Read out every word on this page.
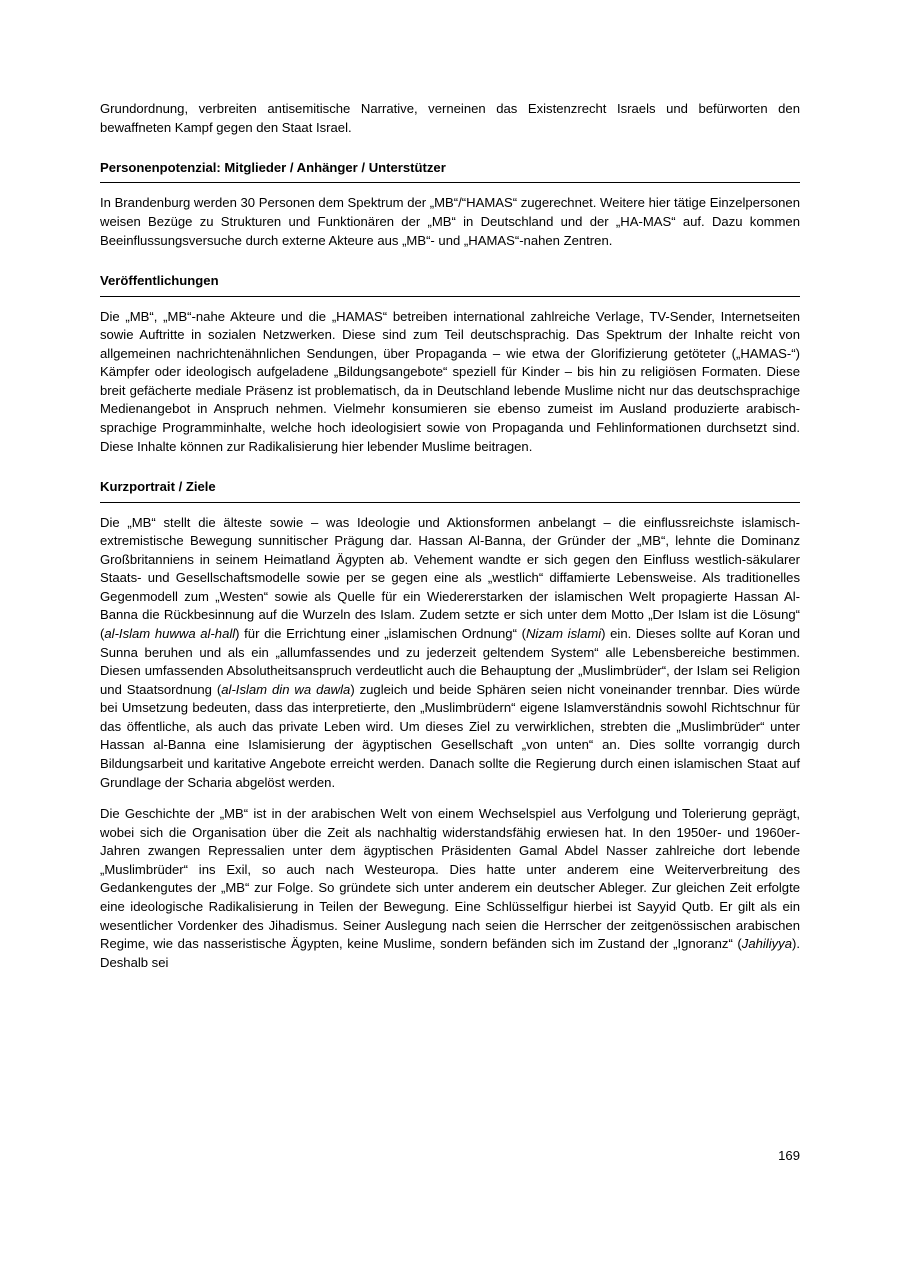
Grundordnung, verbreiten antisemitische Narrative, verneinen das Existenzrecht Israels und befürworten den bewaffneten Kampf gegen den Staat Israel.

Personenpotenzial: Mitglieder / Anhänger / Unterstützer

In Brandenburg werden 30 Personen dem Spektrum der „MB“/“HAMAS“ zugerechnet. Weitere hier tätige Einzelpersonen weisen Bezüge zu Strukturen und Funktionären der „MB“ in Deutschland und der „HA-MAS“ auf. Dazu kommen Beeinflussungsversuche durch externe Akteure aus „MB“- und „HAMAS“-nahen Zentren.

Veröffentlichungen

Die „MB“, „MB“-nahe Akteure und die „HAMAS“ betreiben international zahlreiche Verlage, TV-Sender, Internetseiten sowie Auftritte in sozialen Netzwerken. Diese sind zum Teil deutschsprachig. Das Spektrum der Inhalte reicht von allgemeinen nachrichtenähnlichen Sendungen, über Propaganda – wie etwa der Glorifizierung getöteter („HAMAS-“) Kämpfer oder ideologisch aufgeladene „Bildungsangebote“ speziell für Kinder – bis hin zu religiösen Formaten. Diese breit gefächerte mediale Präsenz ist problematisch, da in Deutschland lebende Muslime nicht nur das deutschsprachige Medienangebot in Anspruch nehmen. Vielmehr konsumieren sie ebenso zumeist im Ausland produzierte arabisch-sprachige Programminhalte, welche hoch ideologisiert sowie von Propaganda und Fehlinformationen durchsetzt sind. Diese Inhalte können zur Radikalisierung hier lebender Muslime beitragen.

Kurzportrait / Ziele

Die „MB“ stellt die älteste sowie – was Ideologie und Aktionsformen anbelangt – die einflussreichste islamisch-extremistische Bewegung sunnitischer Prägung dar. Hassan Al-Banna, der Gründer der „MB“, lehnte die Dominanz Großbritanniens in seinem Heimatland Ägypten ab. Vehement wandte er sich gegen den Einfluss westlich-säkularer Staats- und Gesellschaftsmodelle sowie per se gegen eine als „westlich“ diffamierte Lebensweise. Als traditionelles Gegenmodell zum „Westen“ sowie als Quelle für ein Wiedererstarken der islamischen Welt propagierte Hassan Al-Banna die Rückbesinnung auf die Wurzeln des Islam. Zudem setzte er sich unter dem Motto „Der Islam ist die Lösung“ (al-Islam huwwa al-hall) für die Errichtung einer „islamischen Ordnung“ (Nizam islami) ein. Dieses sollte auf Koran und Sunna beruhen und als ein „allumfassendes und zu jederzeit geltendem System“ alle Lebensbereiche bestimmen. Diesen umfassenden Absolutheitsanspruch verdeutlicht auch die Behauptung der „Muslimbrüder“, der Islam sei Religion und Staatsordnung (al-Islam din wa dawla) zugleich und beide Sphären seien nicht voneinander trennbar. Dies würde bei Umsetzung bedeuten, dass das interpretierte, den „Muslimbrüdern“ eigene Islamverständnis sowohl Richtschnur für das öffentliche, als auch das private Leben wird. Um dieses Ziel zu verwirklichen, strebten die „Muslimbrüder“ unter Hassan al-Banna eine Islamisierung der ägyptischen Gesellschaft „von unten“ an. Dies sollte vorrangig durch Bildungsarbeit und karitative Angebote erreicht werden. Danach sollte die Regierung durch einen islamischen Staat auf Grundlage der Scharia abgelöst werden.

Die Geschichte der „MB“ ist in der arabischen Welt von einem Wechselspiel aus Verfolgung und Tolerierung geprägt, wobei sich die Organisation über die Zeit als nachhaltig widerstandsfähig erwiesen hat. In den 1950er- und 1960er-Jahren zwangen Repressalien unter dem ägyptischen Präsidenten Gamal Abdel Nasser zahlreiche dort lebende „Muslimbrüder“ ins Exil, so auch nach Westeuropa. Dies hatte unter anderem eine Weiterverbreitung des Gedankengutes der „MB“ zur Folge. So gründete sich unter anderem ein deutscher Ableger. Zur gleichen Zeit erfolgte eine ideologische Radikalisierung in Teilen der Bewegung. Eine Schlüsselfigur hierbei ist Sayyid Qutb. Er gilt als ein wesentlicher Vordenker des Jihadismus. Seiner Auslegung nach seien die Herrscher der zeitgenössischen arabischen Regime, wie das nasseristische Ägypten, keine Muslime, sondern befänden sich im Zustand der „Ignoranz“ (Jahiliyya). Deshalb sei

169
